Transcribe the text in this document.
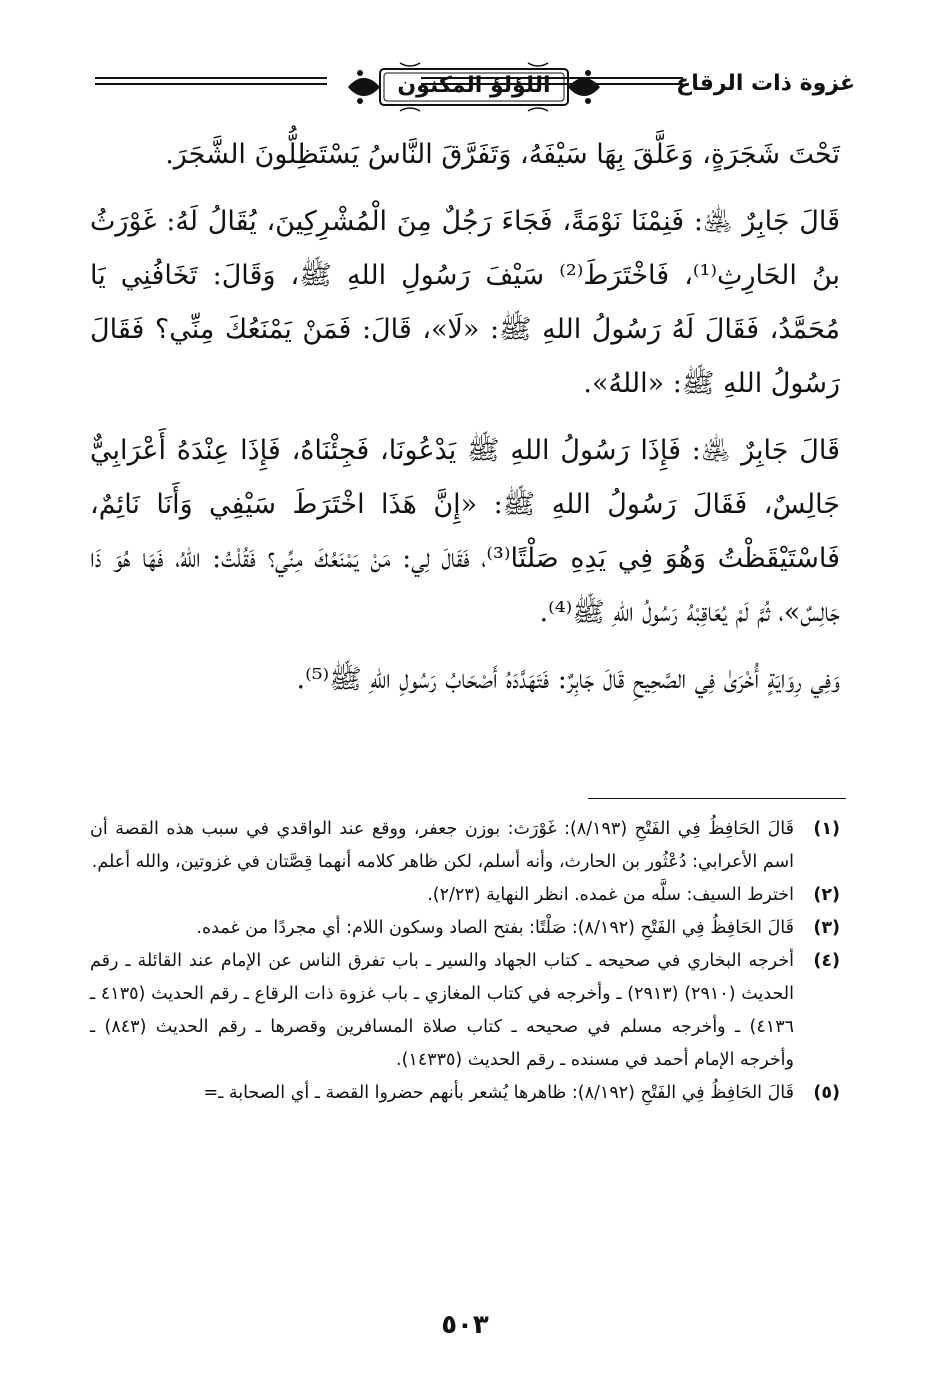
غزوة ذات الرقاع
اللؤلؤ المكنون

تَحْتَ شَجَرَةٍ، وَعَلَّقَ بِهَا سَيْفَهُ، وَتَفَرَّقَ النَّاسُ يَسْتَظِلُّونَ الشَّجَرَ.

قَالَ جَابِرٌ ﵁: فَنِمْنَا نَوْمَةً، فَجَاءَ رَجُلٌ مِنَ الْمُشْرِكِينَ، يُقَالُ لَهُ: غَوْرَثُ بنُ الحَارِثِ⁽¹⁾، فَاخْتَرَطَ⁽²⁾ سَيْفَ رَسُولِ اللهِ ﷺ، وَقَالَ: تَخَافُنِي يَا مُحَمَّدُ، فَقَالَ لَهُ رَسُولُ اللهِ ﷺ: «لَا»، قَالَ: فَمَنْ يَمْنَعُكَ مِنِّي؟ فَقَالَ رَسُولُ اللهِ ﷺ: «اللهُ».

قَالَ جَابِرٌ ﵁: فَإِذَا رَسُولُ اللهِ ﷺ يَدْعُونَا، فَجِئْنَاهُ، فَإِذَا عِنْدَهُ أَعْرَابِيٌّ جَالِسٌ، فَقَالَ رَسُولُ اللهِ ﷺ: «إِنَّ هَذَا اخْتَرَطَ سَيْفِي وَأَنَا نَائِمٌ، فَاسْتَيْقَظْتُ وَهُوَ فِي يَدِهِ صَلْتًا⁽³⁾، فَقَالَ لِي: مَنْ يَمْنَعُكَ مِنِّي؟ فَقُلْتُ: اللهُ، فَهَا هُوَ ذَا جَالِسٌ»، ثُمَّ لَمْ يُعَاقِبْهُ رَسُولُ اللهِ ﷺ⁽⁴⁾.

وَفِي رِوَايَةٍ أُخْرَىٰ فِي الصَّحِيحِ قَالَ جَابِرٌ: فَتَهَدَّدَهُ أَصْحَابُ رَسُولِ اللهِ ﷺ⁽⁵⁾.

(١)
قَالَ الحَافِظُ فِي الفَتْحِ (٨/١٩٣): غَوْرَث: بوزن جعفر، ووقع عند الواقدي في سبب هذه القصة أن اسم الأعرابي: دُعْثُور بن الحارث، وأنه أسلم، لكن ظاهر كلامه أنهما قِصَّتان في غزوتين، والله أعلم.
(٢)
اخترط السيف: سلَّه من غمده. انظر النهاية (٢/٢٣).
(٣)
قَالَ الحَافِظُ فِي الفَتْحِ (٨/١٩٢): صَلْتًا: بفتح الصاد وسكون اللام: أي مجردًا من غمده.
(٤)
أخرجه البخاري في صحيحه ـ كتاب الجهاد والسير ـ باب تفرق الناس عن الإمام عند القائلة ـ رقم الحديث (٢٩١٠) (٢٩١٣) ـ وأخرجه في كتاب المغازي ـ باب غزوة ذات الرقاع ـ رقم الحديث (٤١٣٥ ـ ٤١٣٦) ـ وأخرجه مسلم في صحيحه ـ كتاب صلاة المسافرين وقصرها ـ رقم الحديث (٨٤٣) ـ وأخرجه الإمام أحمد في مسنده ـ رقم الحديث (١٤٣٣٥).
(٥)
قَالَ الحَافِظُ فِي الفَتْحِ (٨/١٩٢): ظاهرها يُشعر بأنهم حضروا القصة ـ أي الصحابة ـ=
٥٠٣
